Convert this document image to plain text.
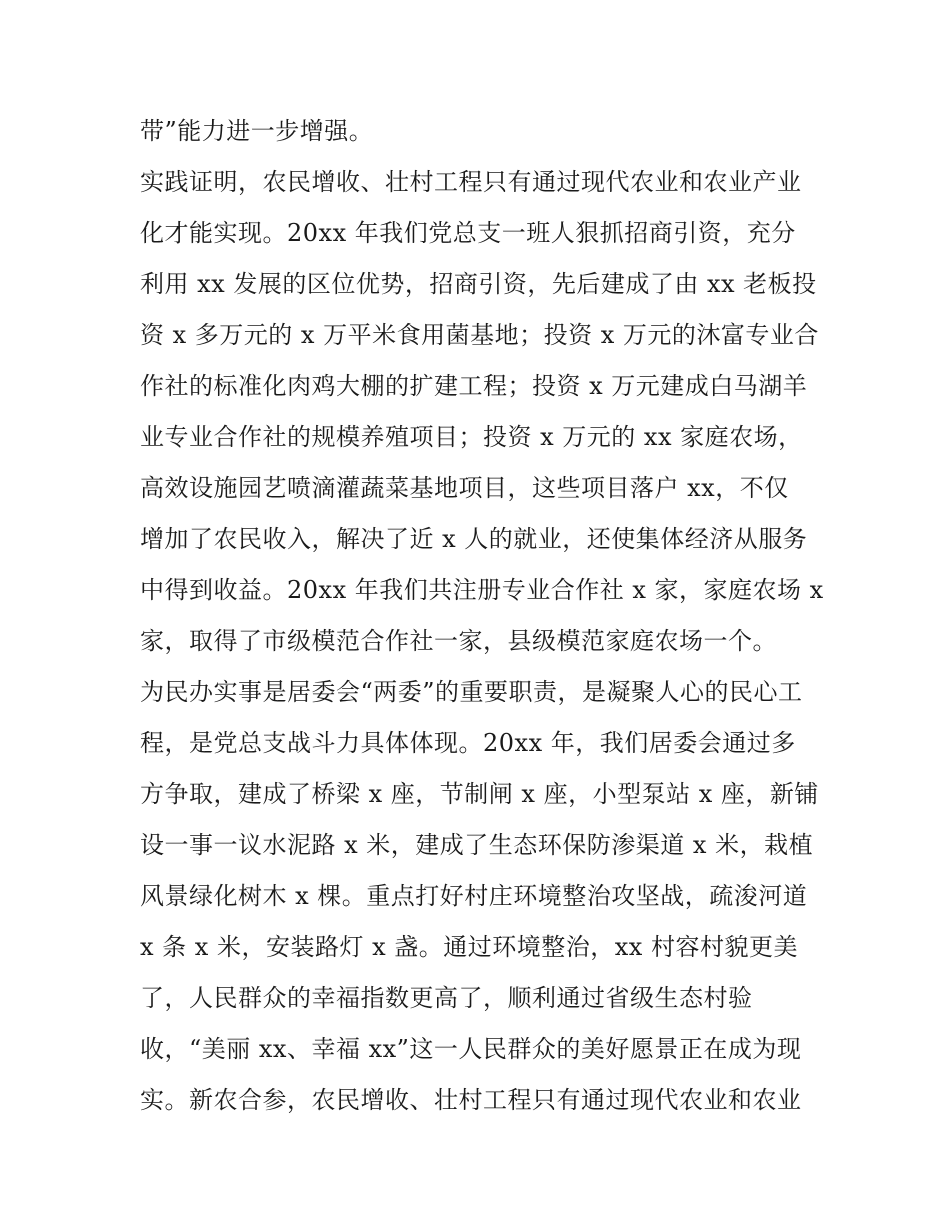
带”能力进一步增强。
实践证明，农民增收、壮村工程只有通过现代农业和农业产业
化才能实现。20xx 年我们党总支一班人狠抓招商引资，充分
利用 xx 发展的区位优势，招商引资，先后建成了由 xx 老板投
资 x 多万元的 x 万平米食用菌基地；投资 x 万元的沐富专业合
作社的标准化肉鸡大棚的扩建工程；投资 x 万元建成白马湖羊
业专业合作社的规模养殖项目；投资 x 万元的 xx 家庭农场，
高效设施园艺喷滴灌蔬菜基地项目，这些项目落户 xx，不仅
增加了农民收入，解决了近 x 人的就业，还使集体经济从服务
中得到收益。20xx 年我们共注册专业合作社 x 家，家庭农场 x
家，取得了市级模范合作社一家，县级模范家庭农场一个。
为民办实事是居委会“两委”的重要职责，是凝聚人心的民心工
程，是党总支战斗力具体体现。20xx 年，我们居委会通过多
方争取，建成了桥梁 x 座，节制闸 x 座，小型泵站 x 座，新铺
设一事一议水泥路 x 米，建成了生态环保防渗渠道 x 米，栽植
风景绿化树木 x 棵。重点打好村庄环境整治攻坚战，疏浚河道
x 条 x 米，安装路灯 x 盏。通过环境整治，xx 村容村貌更美
了，人民群众的幸福指数更高了，顺利通过省级生态村验
收，“美丽 xx、幸福 xx”这一人民群众的美好愿景正在成为现
实。新农合参，农民增收、壮村工程只有通过现代农业和农业
